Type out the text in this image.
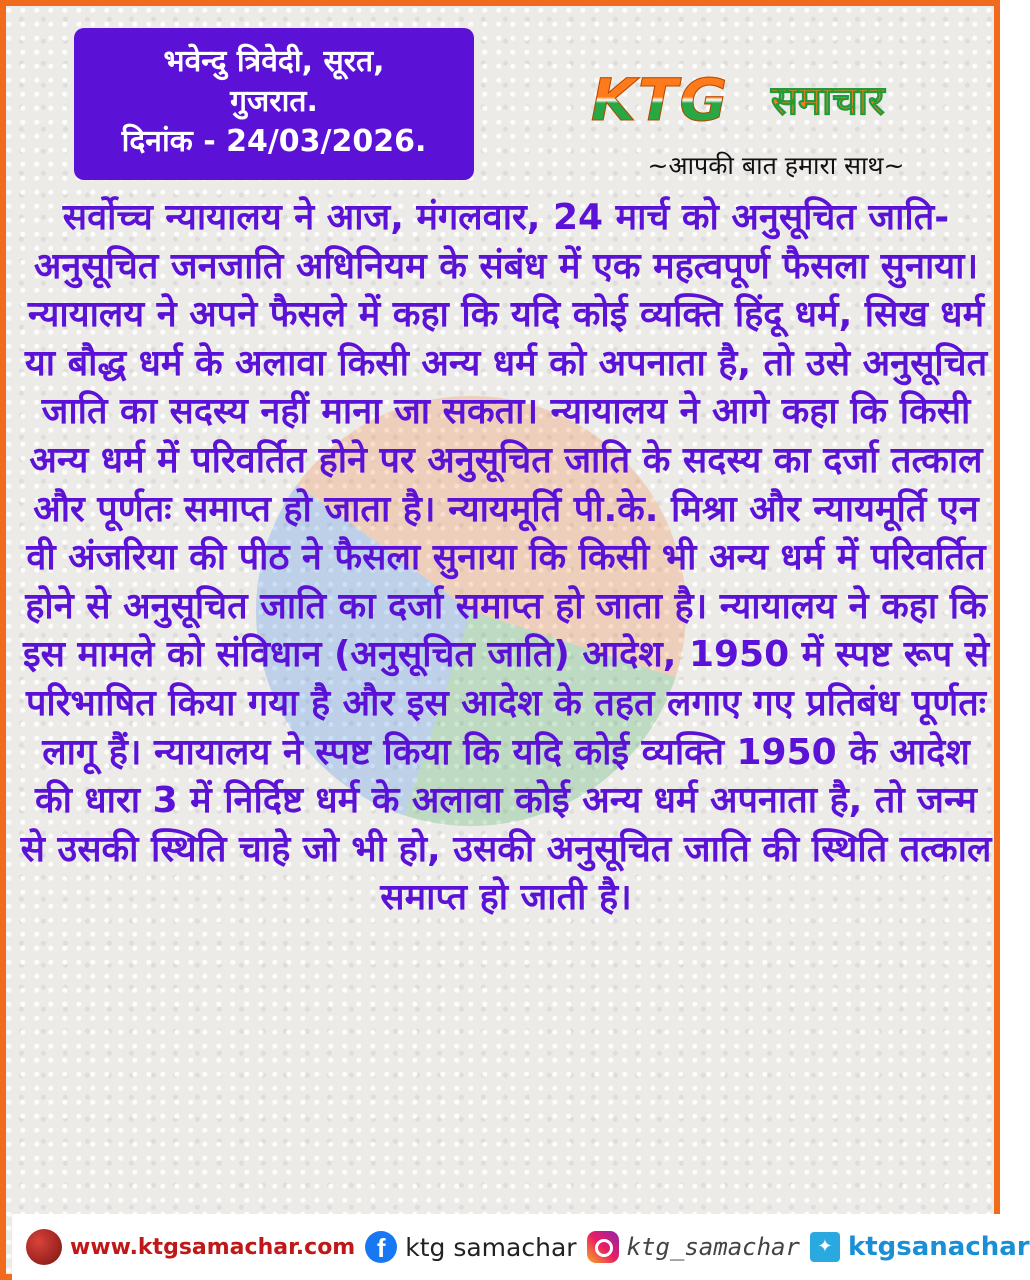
भवेन्दु त्रिवेदी, सूरत,
गुजरात.
दिनांक - 24/03/2026.
KTG समाचार
~आपकी बात हमारा साथ~
सर्वोच्च न्यायालय ने आज, मंगलवार, 24 मार्च को अनुसूचित जाति-अनुसूचित जनजाति अधिनियम के संबंध में एक महत्वपूर्ण फैसला सुनाया। न्यायालय ने अपने फैसले में कहा कि यदि कोई व्यक्ति हिंदू धर्म, सिख धर्म या बौद्ध धर्म के अलावा किसी अन्य धर्म को अपनाता है, तो उसे अनुसूचित जाति का सदस्य नहीं माना जा सकता। न्यायालय ने आगे कहा कि किसी अन्य धर्म में परिवर्तित होने पर अनुसूचित जाति के सदस्य का दर्जा तत्काल और पूर्णतः समाप्त हो जाता है। न्यायमूर्ति पी.के. मिश्रा और न्यायमूर्ति एन वी अंजरिया की पीठ ने फैसला सुनाया कि किसी भी अन्य धर्म में परिवर्तित होने से अनुसूचित जाति का दर्जा समाप्त हो जाता है। न्यायालय ने कहा कि इस मामले को संविधान (अनुसूचित जाति) आदेश, 1950 में स्पष्ट रूप से परिभाषित किया गया है और इस आदेश के तहत लगाए गए प्रतिबंध पूर्णतः लागू हैं। न्यायालय ने स्पष्ट किया कि यदि कोई व्यक्ति 1950 के आदेश की धारा 3 में निर्दिष्ट धर्म के अलावा कोई अन्य धर्म अपनाता है, तो जन्म से उसकी स्थिति चाहे जो भी हो, उसकी अनुसूचित जाति की स्थिति तत्काल समाप्त हो जाती है।
www.ktgsamachar.com f ktg samachar ktg_samachar ✦ ktgsanachar
